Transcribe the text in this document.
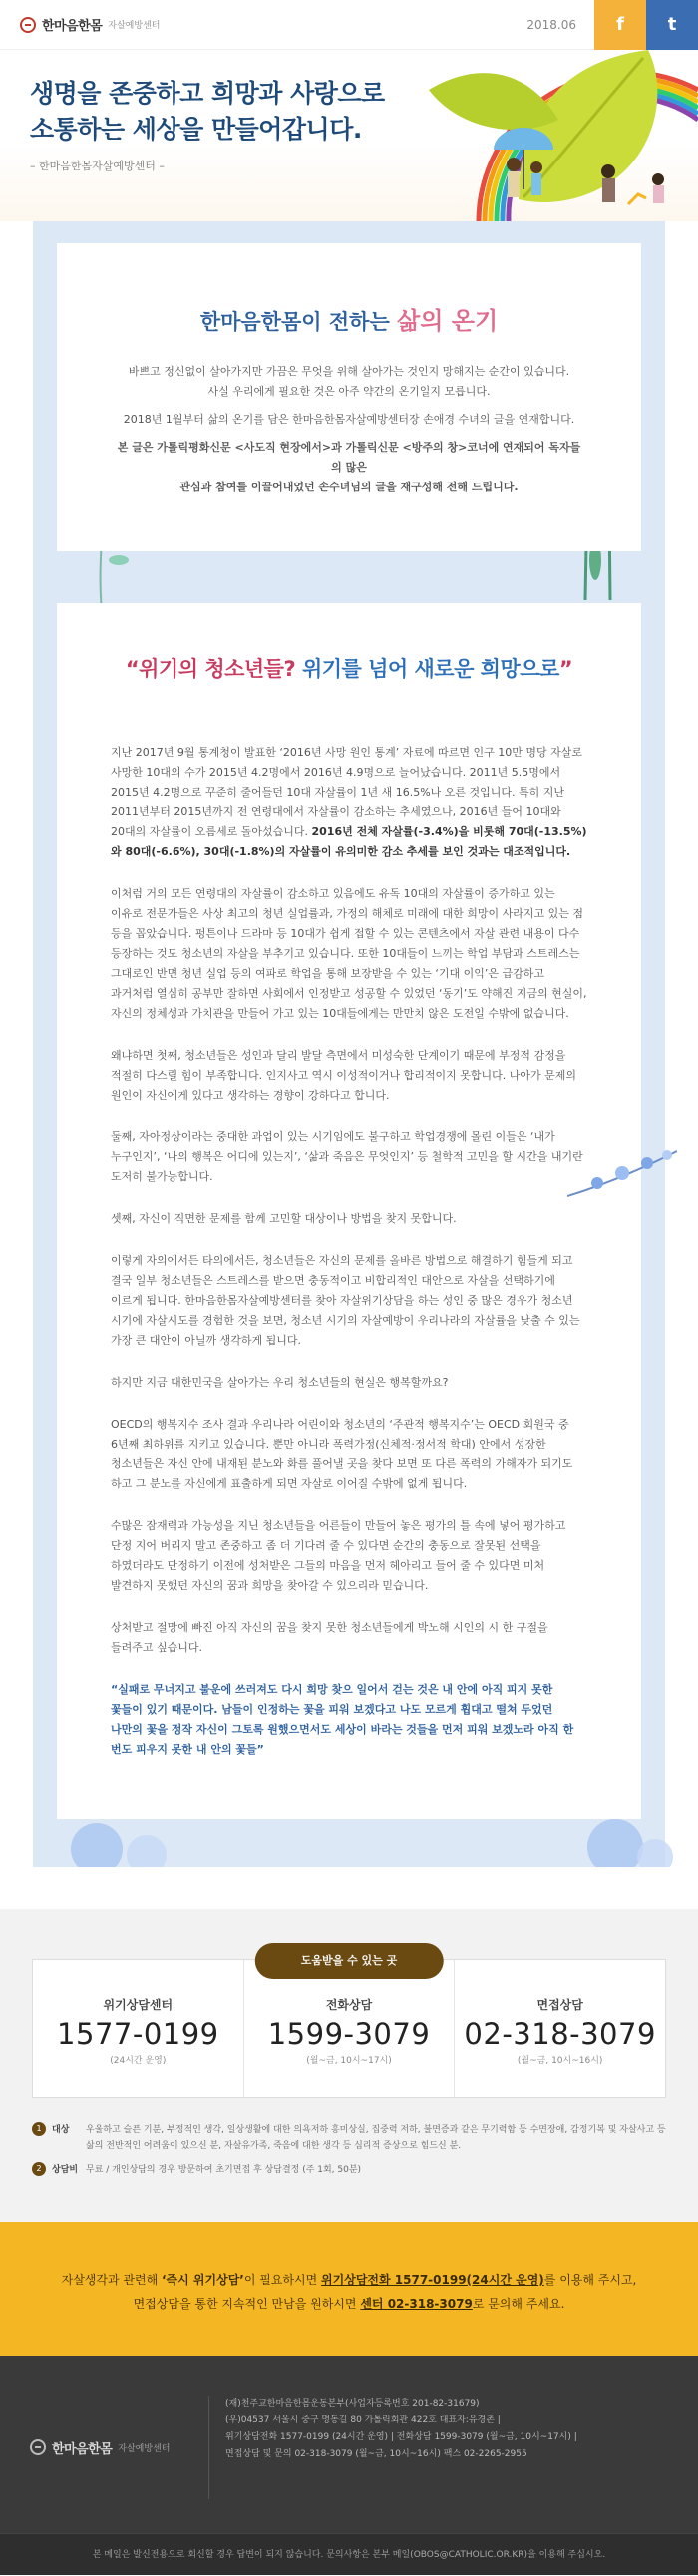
한마음한몸 자살예방센터	2018.06 f t
생명을 존중하고 희망과 사랑으로
소통하는 세상을 만들어갑니다.
– 한마음한몸자살예방센터 –
한마음한몸이 전하는 삶의 온기

바쁘고 정신없이 살아가지만 가끔은 무엇을 위해 살아가는 것인지 망해지는 순간이 있습니다.
사실 우리에게 필요한 것은 아주 약간의 온기일지 모릅니다.

2018년 1월부터 삶의 온기를 담은 한마음한몸자살예방센터장 손애경 수녀의 글을 연재합니다.

본 글은 가톨릭평화신문 <사도직 현장에서>과 가톨릭신문 <방주의 창>코너에 연재되어 독자들의 많은
관심과 참여를 이끌어내었던 손수녀님의 글을 재구성해 전해 드립니다.

“위기의 청소년들? 위기를 넘어 새로운 희망으로”

지난 2017년 9월 통계청이 발표한 ‘2016년 사망 원인 통계’ 자료에 따르면 인구 10만 명당 자살로 사망한 10대의 수가 2015년 4.2명에서 2016년 4.9명으로 늘어났습니다. 2011년 5.5명에서 2015년 4.2명으로 꾸준히 줄어들던 10대 자살률이 1년 새 16.5%나 오른 것입니다. 특히 지난 2011년부터 2015년까지 전 연령대에서 자살률이 감소하는 추세였으나, 2016년 들어 10대와 20대의 자살률이 오름세로 돌아섰습니다. 2016년 전체 자살률(-3.4%)을 비롯해 70대(-13.5%)와 80대(-6.6%), 30대(-1.8%)의 자살률이 유의미한 감소 추세를 보인 것과는 대조적입니다.

이처럼 거의 모든 연령대의 자살률이 감소하고 있음에도 유독 10대의 자살률이 증가하고 있는 이유로 전문가들은 사상 최고의 청년 실업률과, 가정의 해체로 미래에 대한 희망이 사라지고 있는 점 등을 꼽았습니다. 펑튼이나 드라마 등 10대가 쉽게 접할 수 있는 콘텐츠에서 자살 관련 내용이 다수 등장하는 것도 청소년의 자살을 부추기고 있습니다. 또한 10대들이 느끼는 학업 부담과 스트레스는 그대로인 반면 청년 실업 등의 여파로 학업을 통해 보장받을 수 있는 ‘기대 이익’은 급감하고 과거처럼 열심히 공부만 잘하면 사회에서 인정받고 성공할 수 있었던 ‘동기’도 약해진 지금의 현실이, 자신의 정체성과 가치관을 만들어 가고 있는 10대들에게는 만만치 않은 도전일 수밖에 없습니다.

왜냐하면 첫째, 청소년들은 성인과 달리 발달 측면에서 미성숙한 단계이기 때문에 부정적 감정을 적절히 다스릴 힘이 부족합니다. 인지사고 역시 이성적이거나 합리적이지 못합니다. 나아가 문제의 원인이 자신에게 있다고 생각하는 경향이 강하다고 합니다.

둘째, 자아정상이라는 중대한 과업이 있는 시기임에도 불구하고 학업경쟁에 몰린 이들은 ‘내가 누구인지’, ‘나의 행복은 어디에 있는지’, ‘삶과 죽음은 무엇인지’ 등 철학적 고민을 할 시간을 내기란 도저히 불가능합니다.

셋째, 자신이 직면한 문제를 함께 고민할 대상이나 방법을 찾지 못합니다.

이렇게 자의에서든 타의에서든, 청소년들은 자신의 문제를 올바른 방법으로 해결하기 힘들게 되고 결국 일부 청소년들은 스트레스를 받으면 충동적이고 비합리적인 대안으로 자살을 선택하기에 이르게 됩니다. 한마음한몸자살예방센터를 찾아 자살위기상담을 하는 성인 중 많은 경우가 청소년 시기에 자살시도를 경험한 것을 보면, 청소년 시기의 자살예방이 우리나라의 자살률을 낮출 수 있는 가장 큰 대안이 아닐까 생각하게 됩니다.

하지만 지금 대한민국을 살아가는 우리 청소년들의 현실은 행복할까요?

OECD의 행복지수 조사 결과 우리나라 어린이와 청소년의 ‘주관적 행복지수’는 OECD 회원국 중 6년째 최하위를 지키고 있습니다. 뿐만 아니라 폭력가정(신체적·정서적 학대) 안에서 성장한 청소년들은 자신 안에 내재된 분노와 화를 풀어낼 곳을 찾다 보면 또 다른 폭력의 가해자가 되기도 하고 그 분노를 자신에게 표출하게 되면 자살로 이어질 수밖에 없게 됩니다.

수많은 잠재력과 가능성을 지닌 청소년들을 어른들이 만들어 놓은 평가의 틀 속에 넣어 평가하고 단정 지어 버리지 말고 존중하고 좀 더 기다려 줄 수 있다면 순간의 충동으로 잘못된 선택을 하였더라도 단정하기 이전에 성처받은 그들의 마음을 먼저 헤아리고 들어 줄 수 있다면 미처 발견하지 못했던 자신의 꿈과 희망을 찾아갈 수 있으리라 믿습니다.

상처받고 절망에 빠진 아직 자신의 꿈을 찾지 못한 청소년들에게 박노해 시인의 시 한 구절을 들려주고 싶습니다.

“실패로 무너지고 불운에 쓰러져도 다시 희망 찾으 일어서 걷는 것은 내 안에 아직 피지 못한 꽃들이 있기 때문이다. 남들이 인정하는 꽃을 피워 보겠다고 나도 모르게 휩대고 떨쳐 두었던 나만의 꽃을 정작 자신이 그토록 원했으면서도 세상이 바라는 것들을 먼저 피워 보겠노라 아직 한 번도 피우지 못한 내 안의 꽃들”

도움받을 수 있는 곳
위기상담센터
1577-0199
(24시간 운영)
전화상담
1599-3079
(월~금, 10시~17시)
면접상담
02-318-3079
(월~금, 10시~16시)
1	대상	우울하고 슬픈 기분, 부정적인 생각, 일상생활에 대한 의욕저하 흥미상실, 집중력 저하, 불면증과 같은 무기력함 등 수면장애, 감정기복 및 자살사고 등 삶의 전반적인 어려움이 있으신 분, 자살유가족, 죽음에 대한 생각 등 심리적 증상으로 힘드신 분.
2	상담비 무료 / 개인상담의 경우 방문하여 초기면접 후 상담결정 (주 1회, 50분)
자살생각과 관련해 ‘즉시 위기상담’이 필요하시면 위기상담전화 1577-0199(24시간 운영)를 이용해 주시고,
면접상담을 통한 지속적인 만남을 원하시면 센터 02-318-3079로 문의해 주세요.
한마음한몸 자살예방센터
(재)천주교한마음한몸운동본부(사업자등록번호 201-82-31679)
(우)04537 서울시 중구 명동길 80 가톨릭회관 422호 대표자:유경촌 |
위기상담전화 1577-0199 (24시간 운영) | 전화상담 1599-3079 (월~금, 10시~17시) |
면접상담 및 문의 02-318-3079 (월~금, 10시~16시) 팩스 02-2265-2955
본 메일은 발신전용으로 회신할 경우 답변이 되지 않습니다. 문의사항은 본부 메일(OBOS@CATHOLIC.OR.KR)을 이용해 주십시오.
